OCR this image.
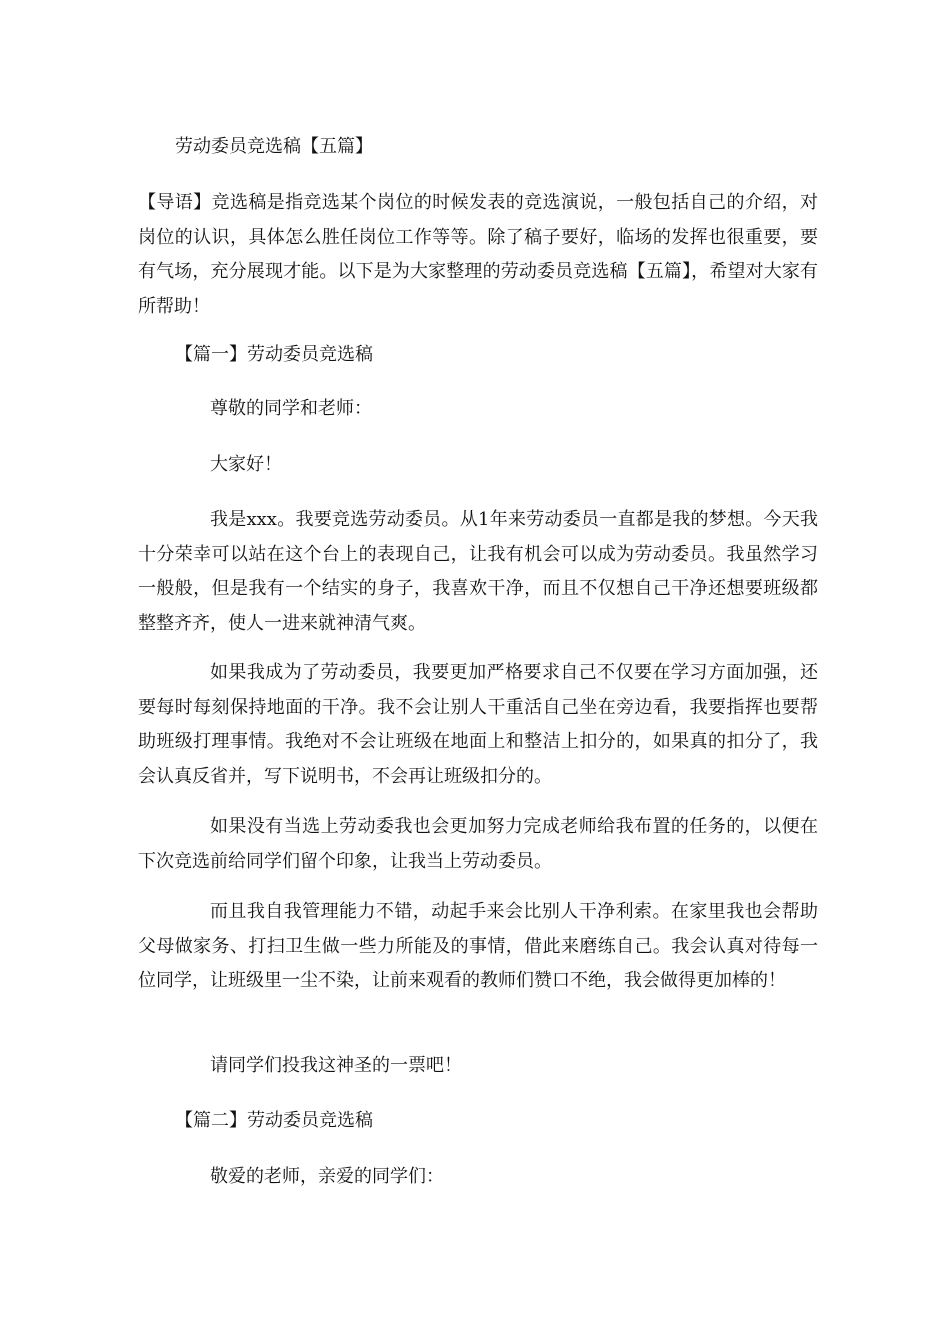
劳动委员竞选稿【五篇】

【导语】竞选稿是指竞选某个岗位的时候发表的竞选演说，一般包括自己的介绍，对岗位的认识，具体怎么胜任岗位工作等等。除了稿子要好，临场的发挥也很重要，要有气场，充分展现才能。以下是为大家整理的劳动委员竞选稿【五篇】，希望对大家有所帮助！

【篇一】劳动委员竞选稿
尊敬的同学和老师：
大家好！

我是xxx。我要竞选劳动委员。从1年来劳动委员一直都是我的梦想。今天我十分荣幸可以站在这个台上的表现自己，让我有机会可以成为劳动委员。我虽然学习一般般，但是我有一个结实的身子，我喜欢干净，而且不仅想自己干净还想要班级都整整齐齐，使人一进来就神清气爽。

如果我成为了劳动委员，我要更加严格要求自己不仅要在学习方面加强，还要每时每刻保持地面的干净。我不会让别人干重活自己坐在旁边看，我要指挥也要帮助班级打理事情。我绝对不会让班级在地面上和整洁上扣分的，如果真的扣分了，我会认真反省并，写下说明书，不会再让班级扣分的。

如果没有当选上劳动委我也会更加努力完成老师给我布置的任务的，以便在下次竞选前给同学们留个印象，让我当上劳动委员。

而且我自我管理能力不错，动起手来会比别人干净利索。在家里我也会帮助父母做家务、打扫卫生做一些力所能及的事情，借此来磨练自己。我会认真对待每一位同学，让班级里一尘不染，让前来观看的教师们赞口不绝，我会做得更加棒的！

请同学们投我这神圣的一票吧！
【篇二】劳动委员竞选稿
敬爱的老师，亲爱的同学们：
